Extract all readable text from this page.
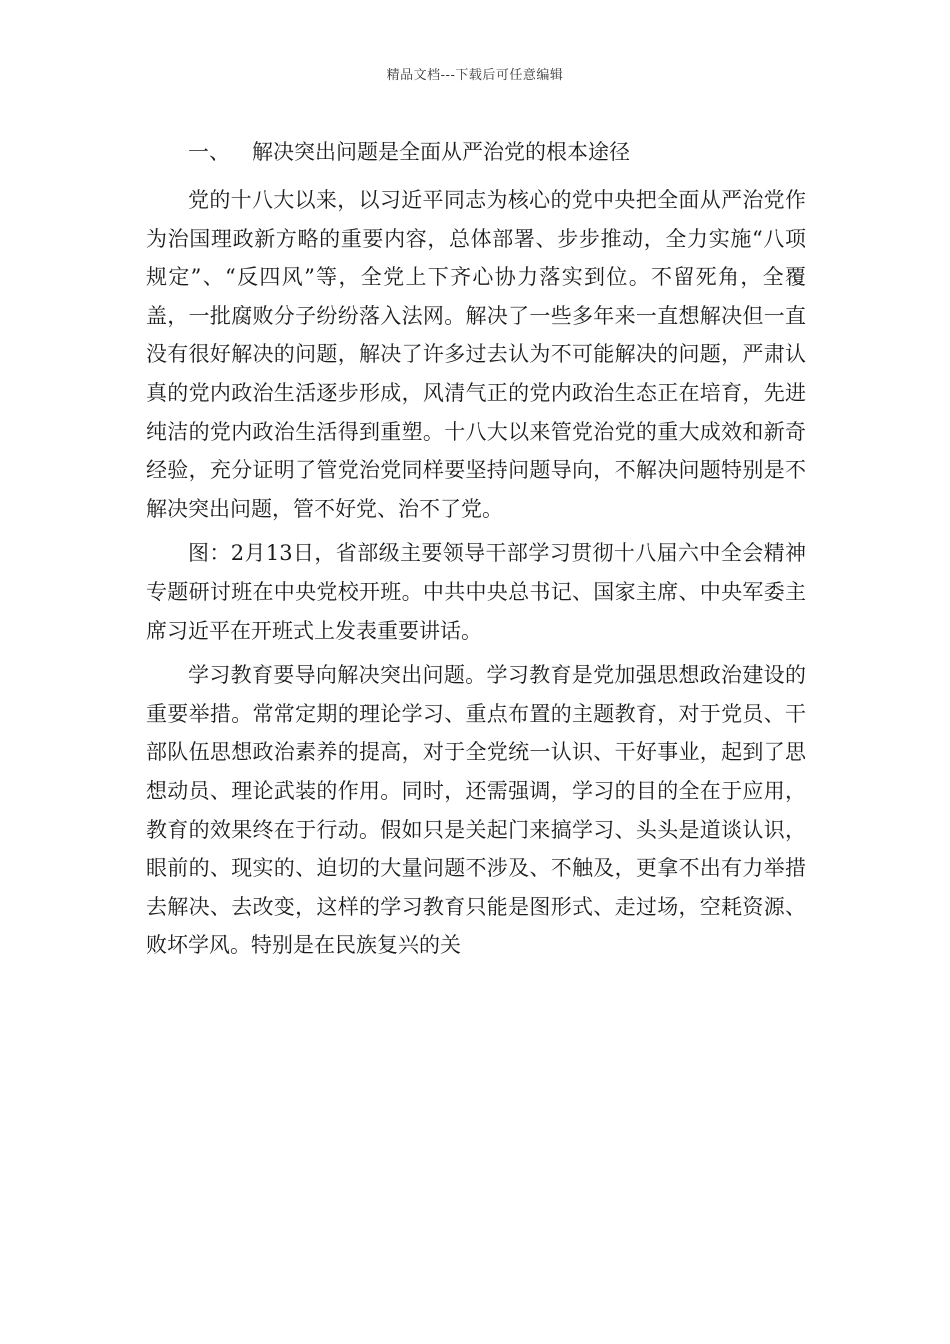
精品文档---下载后可任意编辑
一、 解决突出问题是全面从严治党的根本途径

党的十八大以来，以习近平同志为核心的党中央把全面从严治党作为治国理政新方略的重要内容，总体部署、步步推动，全力实施“八项规定”、“反四风”等，全党上下齐心协力落实到位。不留死角，全覆盖，一批腐败分子纷纷落入法网。解决了一些多年来一直想解决但一直没有很好解决的问题，解决了许多过去认为不可能解决的问题，严肃认真的党内政治生活逐步形成，风清气正的党内政治生态正在培育，先进纯洁的党内政治生活得到重塑。十八大以来管党治党的重大成效和新奇经验，充分证明了管党治党同样要坚持问题导向，不解决问题特别是不解决突出问题，管不好党、治不了党。

图：2月13日，省部级主要领导干部学习贯彻十八届六中全会精神专题研讨班在中央党校开班。中共中央总书记、国家主席、中央军委主席习近平在开班式上发表重要讲话。

学习教育要导向解决突出问题。学习教育是党加强思想政治建设的重要举措。常常定期的理论学习、重点布置的主题教育，对于党员、干部队伍思想政治素养的提高，对于全党统一认识、干好事业，起到了思想动员、理论武装的作用。同时，还需强调，学习的目的全在于应用，教育的效果终在于行动。假如只是关起门来搞学习、头头是道谈认识，眼前的、现实的、迫切的大量问题不涉及、不触及，更拿不出有力举措去解决、去改变，这样的学习教育只能是图形式、走过场，空耗资源、败坏学风。特别是在民族复兴的关
